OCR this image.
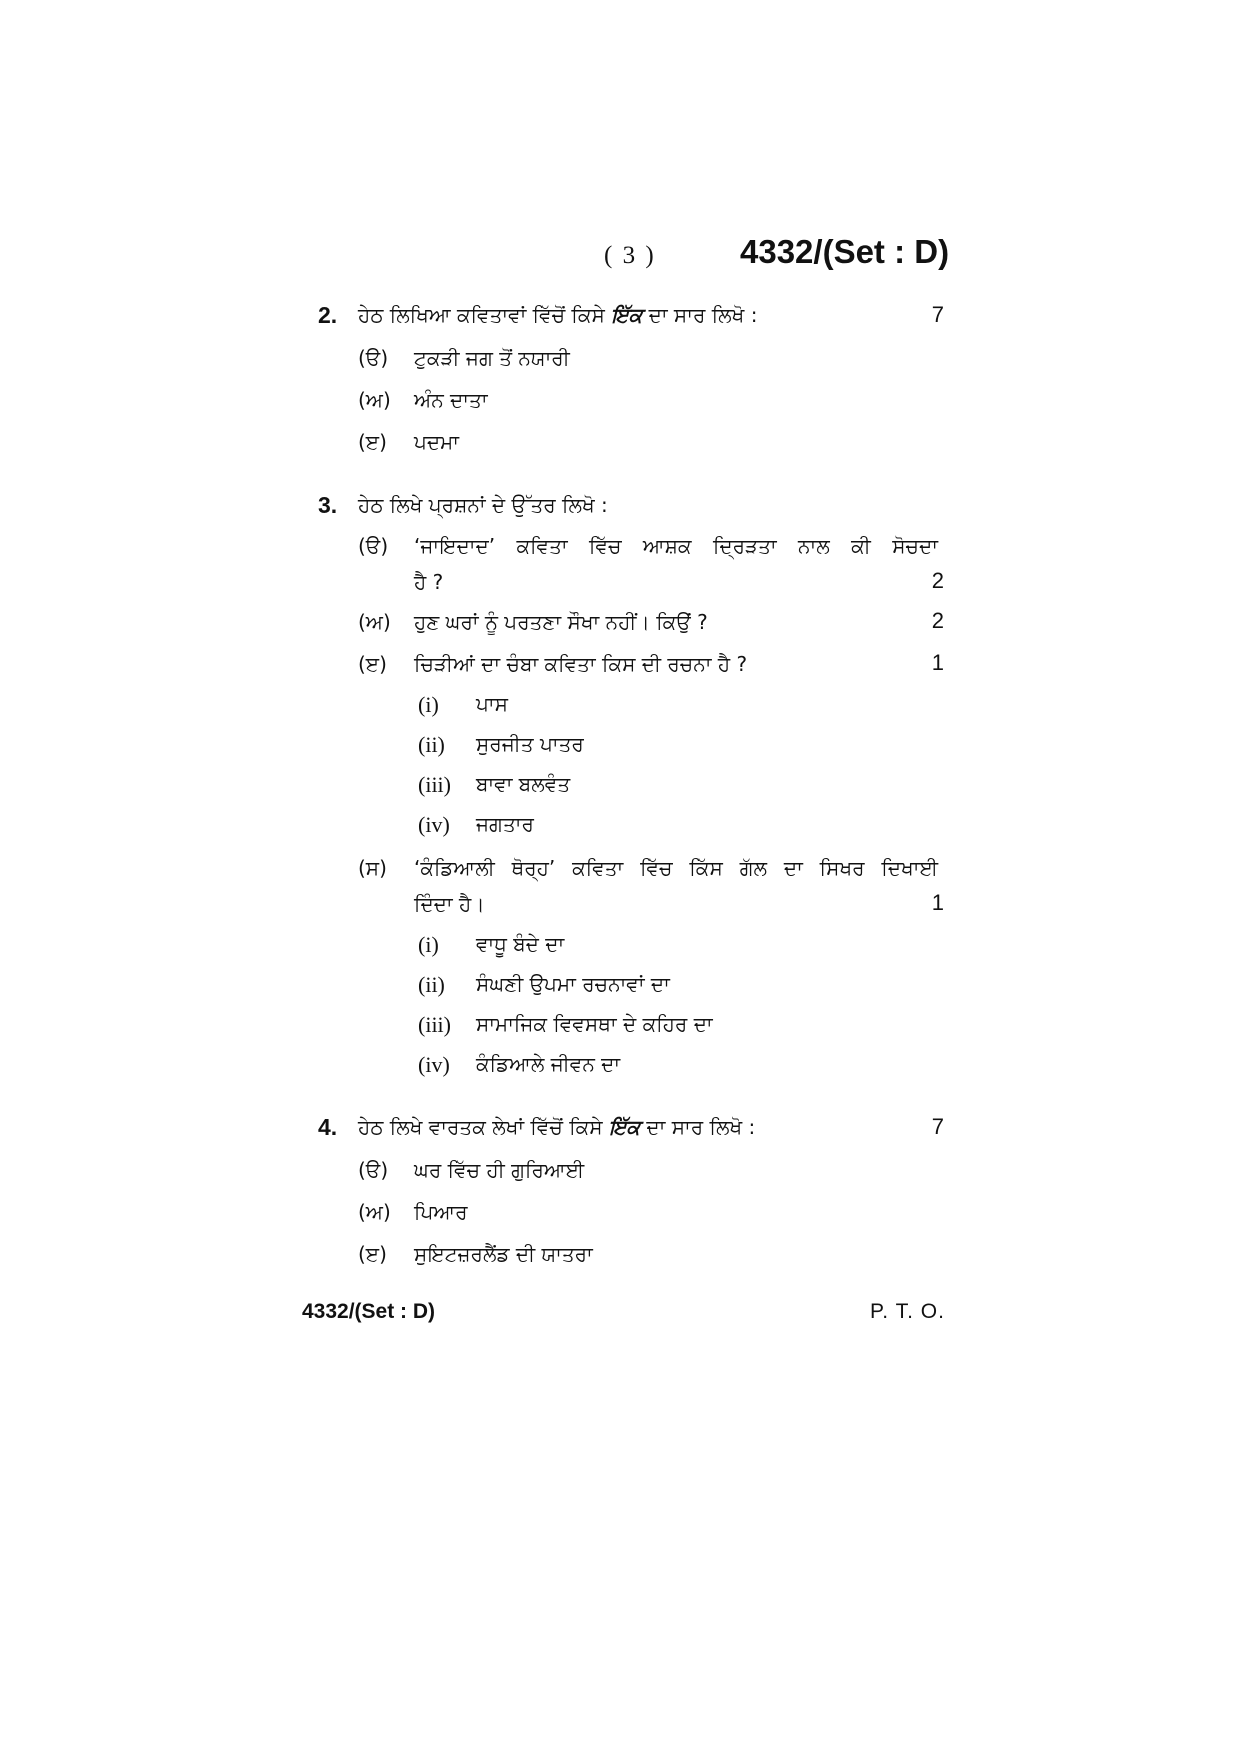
( 3 )	4332/(Set : D)
2. ਹੇਠ ਲਿਖਿਆ ਕਵਿਤਾਵਾਂ ਵਿੱਚੋਂ ਕਿਸੇ ਇੱਕ ਦਾ ਸਾਰ ਲਿਖੋ :	7
(ੳ) ਟੁਕੜੀ ਜਗ ਤੋਂ ਨਯਾਰੀ
(ਅ) ਅੰਨ ਦਾਤਾ
(ੲ) ਪਦਮਾ
3. ਹੇਠ ਲਿਖੇ ਪ੍ਰਸ਼ਨਾਂ ਦੇ ਉੱਤਰ ਲਿਖੋ :
(ੳ) ‘ਜਾਇਦਾਦ’ ਕਵਿਤਾ ਵਿੱਚ ਆਸ਼ਕ ਦ੍ਰਿੜਤਾ ਨਾਲ ਕੀ ਸੋਚਦਾ
ਹੈ ?	2
(ਅ) ਹੁਣ ਘਰਾਂ ਨੂੰ ਪਰਤਣਾ ਸੌਖਾ ਨਹੀਂ। ਕਿਉਂ ?	2
(ੲ) ਚਿੜੀਆਂ ਦਾ ਚੰਬਾ ਕਵਿਤਾ ਕਿਸ ਦੀ ਰਚਨਾ ਹੈ ?	1
(i) ਪਾਸ
(ii) ਸੁਰਜੀਤ ਪਾਤਰ
(iii) ਬਾਵਾ ਬਲਵੰਤ
(iv) ਜਗਤਾਰ
(ਸ) ‘ਕੰਡਿਆਲੀ ਥੋਰ੍ਹ’ ਕਵਿਤਾ ਵਿੱਚ ਕਿੱਸ ਗੱਲ ਦਾ ਸਿਖਰ ਦਿਖਾਈ
ਦਿੰਦਾ ਹੈ।	1
(i) ਵਾਧੂ ਬੰਦੇ ਦਾ
(ii) ਸੰਘਣੀ ਉਪਮਾ ਰਚਨਾਵਾਂ ਦਾ
(iii) ਸਾਮਾਜਿਕ ਵਿਵਸਥਾ ਦੇ ਕਹਿਰ ਦਾ
(iv) ਕੰਡਿਆਲੇ ਜੀਵਨ ਦਾ
4. ਹੇਠ ਲਿਖੇ ਵਾਰਤਕ ਲੇਖਾਂ ਵਿੱਚੋਂ ਕਿਸੇ ਇੱਕ ਦਾ ਸਾਰ ਲਿਖੋ :	7
(ੳ) ਘਰ ਵਿੱਚ ਹੀ ਗੁਰਿਆਈ
(ਅ) ਪਿਆਰ
(ੲ) ਸੁਇਟਜ਼ਰਲੈਂਡ ਦੀ ਯਾਤਰਾ
4332/(Set : D)	P. T. O.
